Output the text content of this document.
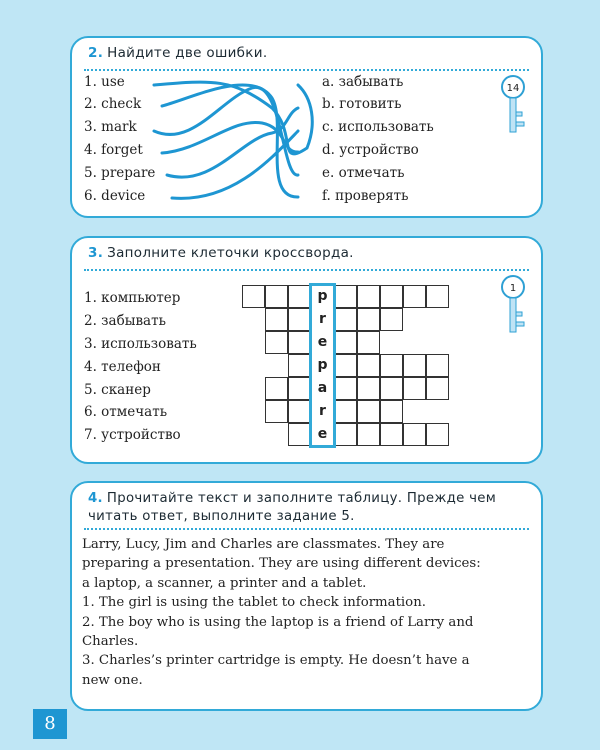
2. Найдите две ошибки.
1. use
2. check
3. mark
4. forget
5. prepare
6. device
a. забывать
b. готовить
c. использовать
d. устройство
e. отмечать
f. проверять
14
3. Заполните клеточки кроссворда.
1. компьютер
2. забывать
3. использовать
4. телефон
5. сканер
6. отмечать
7. устройство
p
r
e
p
a
r
e
1
4. Прочитайте текст и заполните таблицу. Прежде чем
читать ответ, выполните задание 5.
Larry, Lucy, Jim and Charles are classmates. They are
preparing a presentation. They are using different devices:
a laptop, a scanner, a printer and a tablet.
1. The girl is using the tablet to check information.
2. The boy who is using the laptop is a friend of Larry and
Charles.
3. Charles’s printer cartridge is empty. He doesn’t have a
new one.
8
